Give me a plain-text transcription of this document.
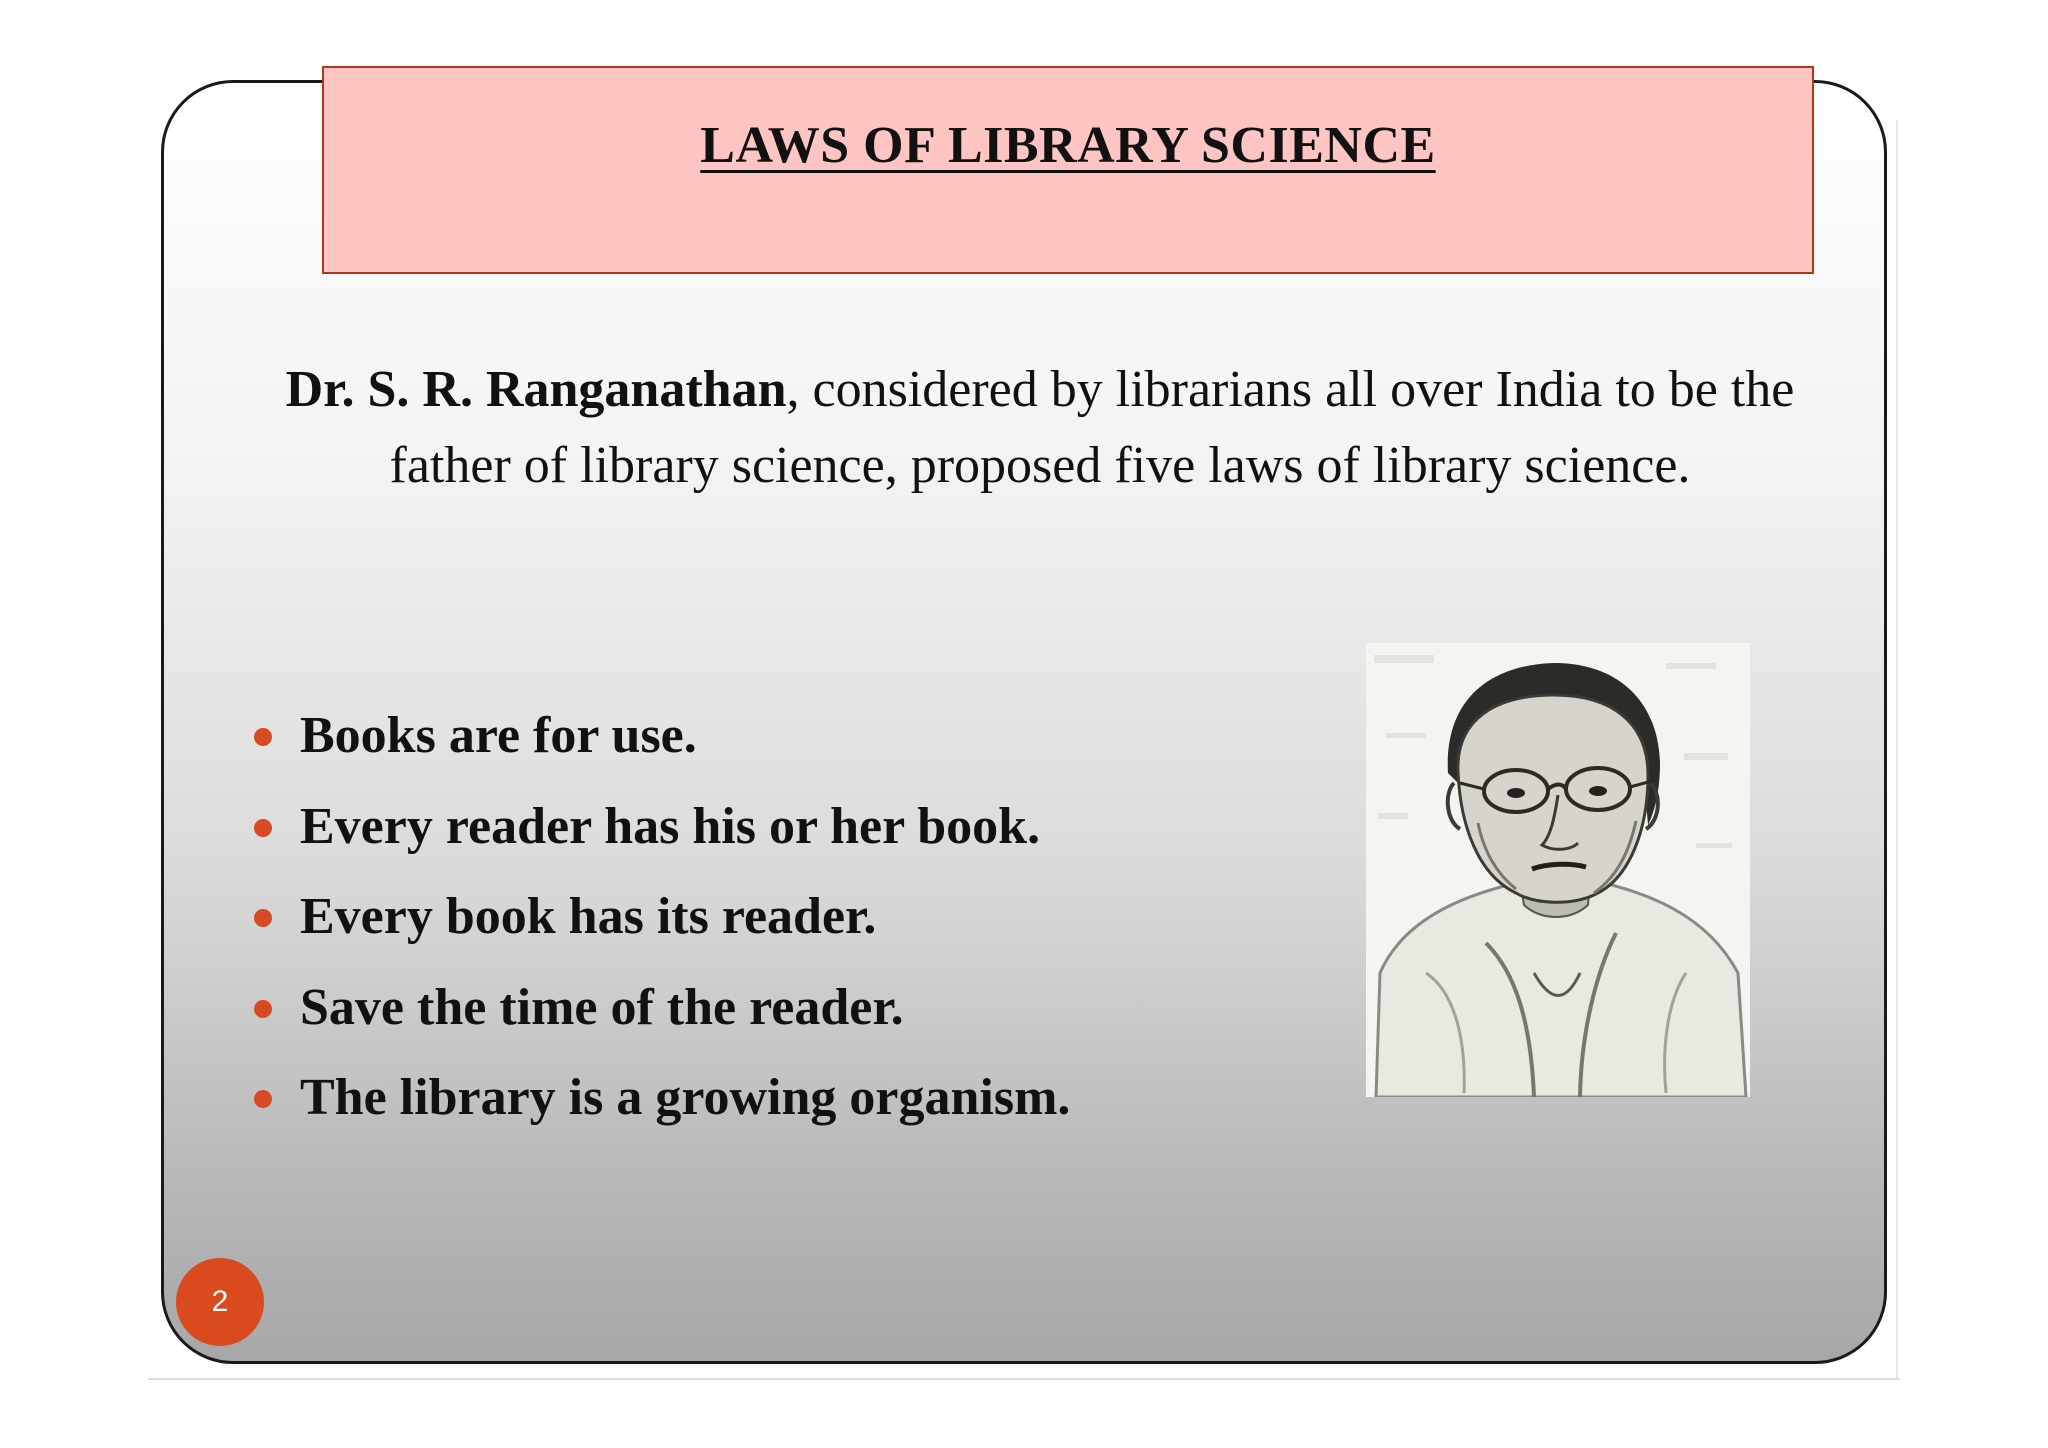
LAWS OF LIBRARY SCIENCE
Dr. S. R. Ranganathan, considered by librarians all over India to be the father of library science, proposed five laws of library science.
Books are for use.
Every reader has his or her book.
Every book has its reader.
Save the time of the reader.
The library is a growing organism.
2
